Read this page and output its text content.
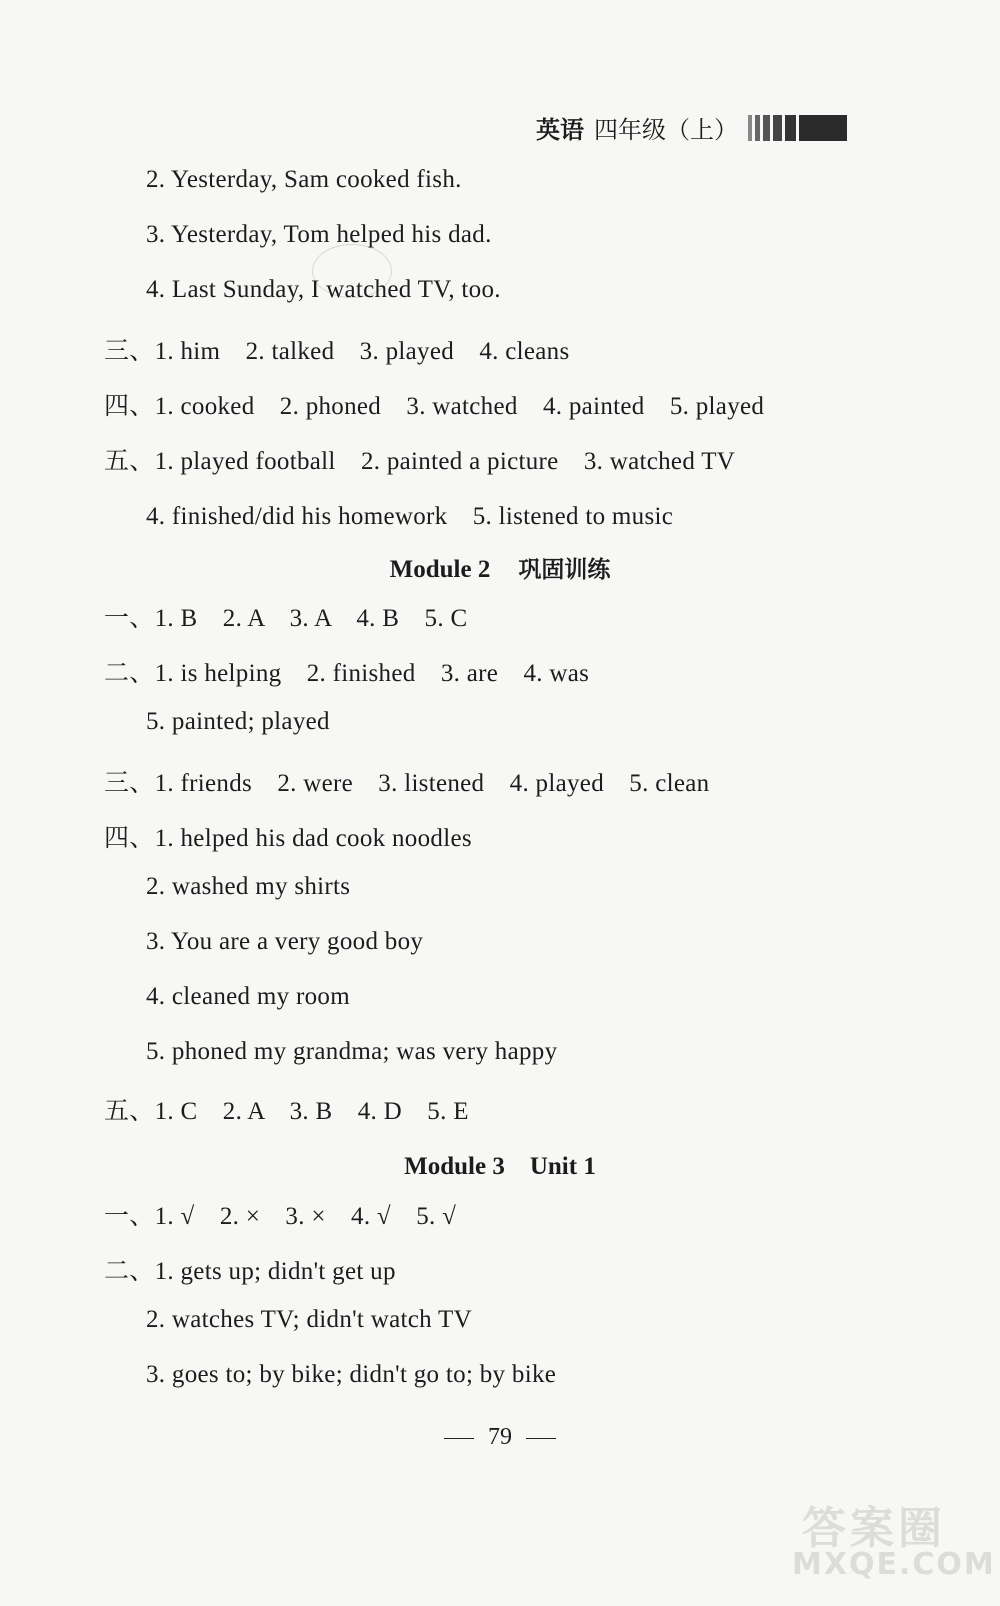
英语 四年级（上）
2. Yesterday, Sam cooked fish.
3. Yesterday, Tom helped his dad.
4. Last Sunday, I watched TV, too.
三、1. him　2. talked　3. played　4. cleans
四、1. cooked　2. phoned　3. watched　4. painted　5. played
五、1. played football　2. painted a picture　3. watched TV
4. finished/did his homework　5. listened to music
一、1. B　2. A　3. A　4. B　5. C
二、1. is helping　2. finished　3. are　4. was
5. painted; played
三、1. friends　2. were　3. listened　4. played　5. clean
四、1. helped his dad cook noodles
2. washed my shirts
3. You are a very good boy
4. cleaned my room
5. phoned my grandma; was very happy
五、1. C　2. A　3. B　4. D　5. E
一、1. √　2. ×　3. ×　4. √　5. √
二、1. gets up; didn't get up
2. watches TV; didn't watch TV
3. goes to; by bike; didn't go to; by bike
Module 2 巩固训练
Module 3　Unit 1
79
答案圈
MXQE.COM
